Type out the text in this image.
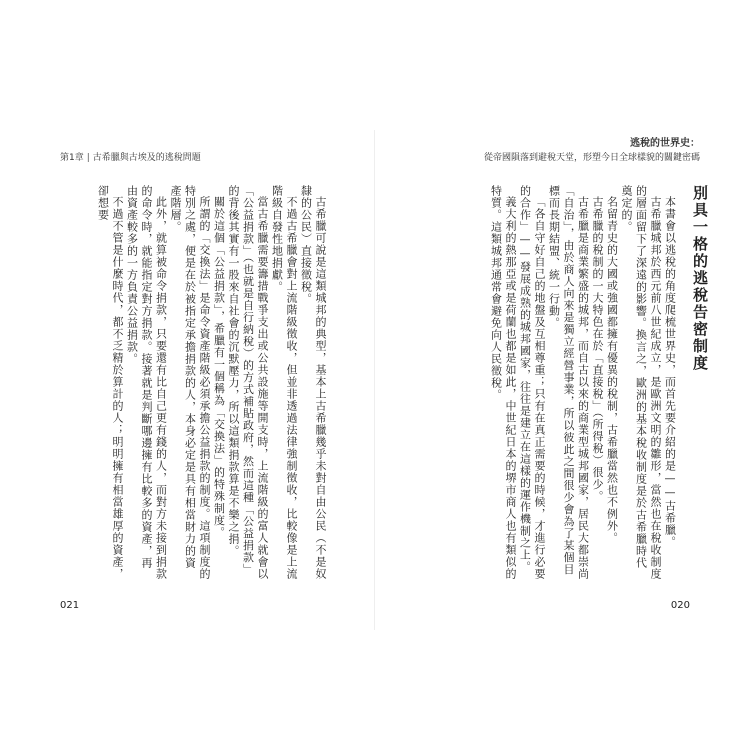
第1章 | 古希臘與古埃及的逃稅問題

古希臘可說是這類城邦的典型，基本上古希臘幾乎未對自由公民（不是奴隸的公民）直接徵稅。

不過古希臘會對上流階級徵收，但並非透過法律強制徵收，比較像是上流階級自發性地捐獻。

當古希臘需要籌措戰爭支出或公共設施等開支時，上流階級的富人就會以「公益捐款」（也就是自行納稅）的方式補貼政府，然而這種「公益捐款」的背後其實有一股來自社會的沉默壓力，所以這類捐款算是不樂之捐。

關於這個「公益捐款」，希臘有一個稱為「交換法」的特殊制度。

所謂的「交換法」是命令資產階級必須承擔公益捐款的制度。這項制度的特別之處，便是在於被指定承擔捐款的人，本身必定是具有相當財力的資產階層。

此外，就算被命令捐款，只要還有比自己更有錢的人，而對方未接到捐款的命令時，就能指定對方捐款。接著就是判斷哪邊擁有比較多的資產，再由資產較多的一方負責公益捐款。

不過不管是什麼時代，都不乏精於算計的人；明明擁有相當雄厚的資產，卻想要

021
逃稅的世界史：
從帝國隕落到避稅天堂，形塑今日全球樣貌的關鍵密碼

別具一格的逃稅告密制度

本書會以逃稅的角度爬梳世界史，而首先要介紹的是——古希臘。

古希臘城邦於西元前八世紀成立，是歐洲文明的雛形，當然也在稅收制度的層面留下了深遠的影響。換言之，歐洲的基本稅收制度是於古希臘時代奠定的。

名留青史的大國或強國都擁有優異的稅制，古希臘當然也不例外。

古希臘的稅制的一大特色在於「直接稅」（所得稅）很少。

古希臘是商業繁盛的城邦，而自古以來的商業型城邦國家，居民大都崇尚「自治」，由於商人向來是獨立經營事業，所以彼此之間很少會為了某個目標而長期結盟、統一行動。

「各自守好自己的地盤及互相尊重；只有在真正需要的時候，才進行必要的合作」——發展成熟的城邦國家，往往是建立在這樣的運作機制之上。

義大利的熱那亞或是荷蘭也都是如此，中世紀日本的堺市商人也有類似的特質。這類城邦通常會避免向人民徵稅。

020
